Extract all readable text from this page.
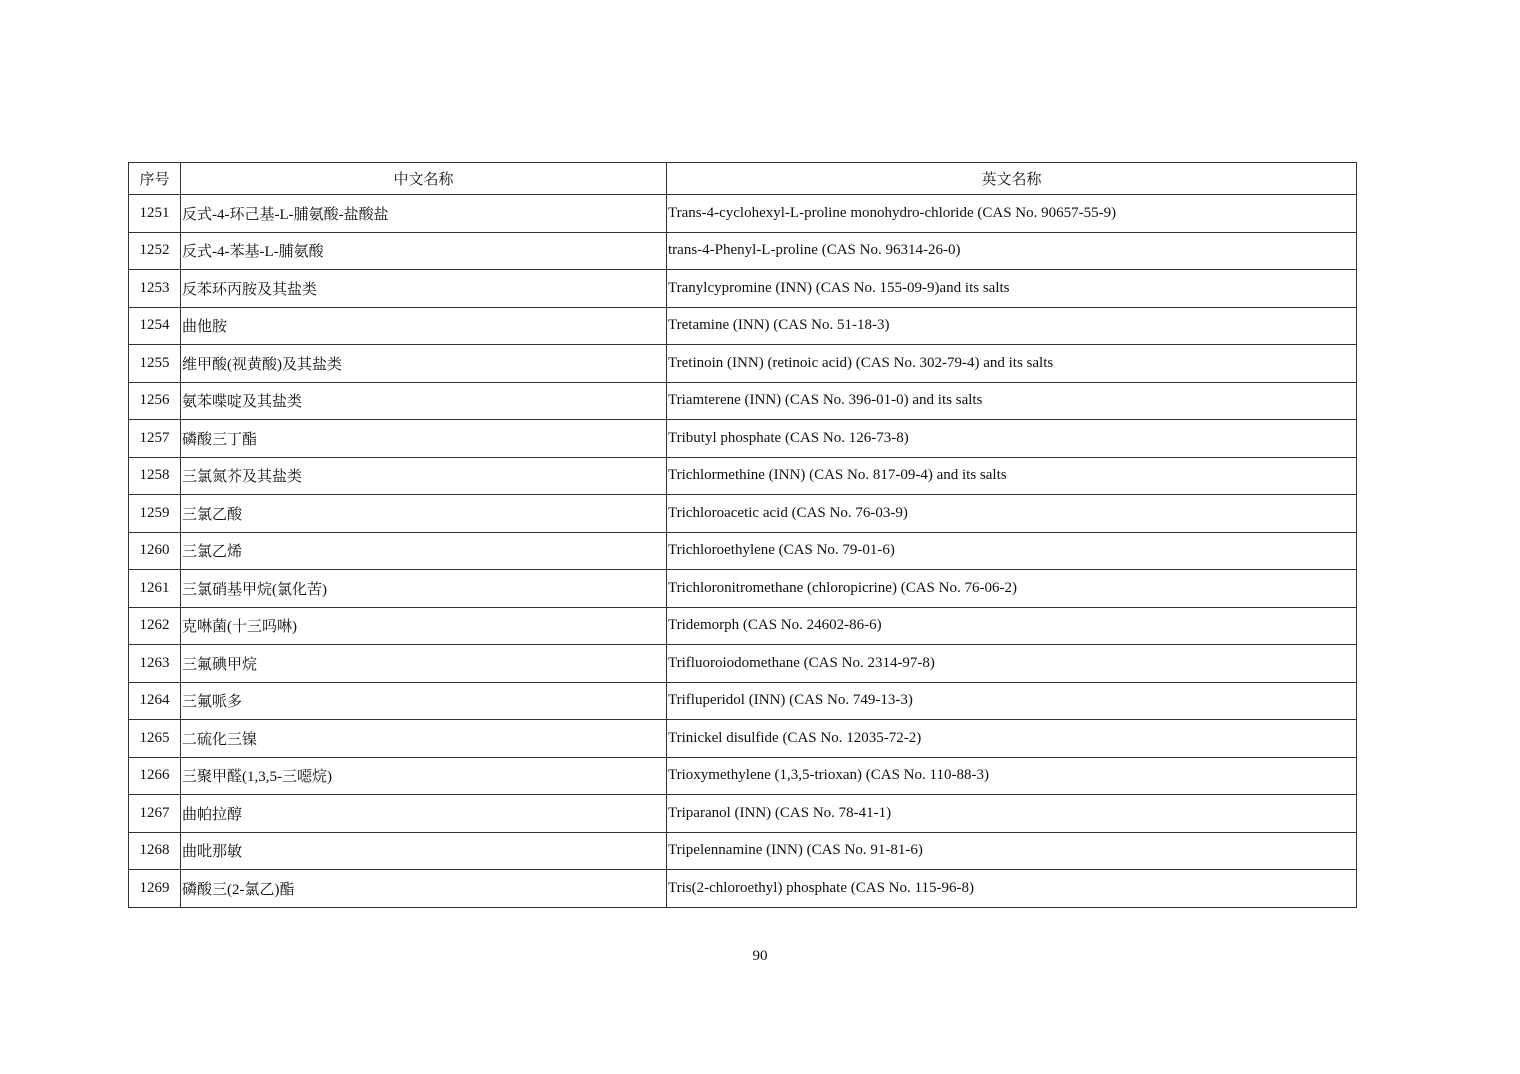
序号	中文名称	英文名称
1251	反式-4-环己基-L-脯氨酸-盐酸盐	Trans-4-cyclohexyl-L-proline monohydro-chloride (CAS No. 90657-55-9)
1252	反式-4-苯基-L-脯氨酸	trans-4-Phenyl-L-proline (CAS No. 96314-26-0)
1253	反苯环丙胺及其盐类	Tranylcypromine (INN) (CAS No. 155-09-9)and its salts
1254	曲他胺	Tretamine (INN) (CAS No. 51-18-3)
1255	维甲酸(视黄酸)及其盐类	Tretinoin (INN) (retinoic acid) (CAS No. 302-79-4) and its salts
1256	氨苯喋啶及其盐类	Triamterene (INN) (CAS No. 396-01-0) and its salts
1257	磷酸三丁酯	Tributyl phosphate (CAS No. 126-73-8)
1258	三氯氮芥及其盐类	Trichlormethine (INN) (CAS No. 817-09-4) and its salts
1259	三氯乙酸	Trichloroacetic acid (CAS No. 76-03-9)
1260	三氯乙烯	Trichloroethylene (CAS No. 79-01-6)
1261	三氯硝基甲烷(氯化苦)	Trichloronitromethane (chloropicrine) (CAS No. 76-06-2)
1262	克啉菌(十三吗啉)	Tridemorph (CAS No. 24602-86-6)
1263	三氟碘甲烷	Trifluoroiodomethane (CAS No. 2314-97-8)
1264	三氟哌多	Trifluperidol (INN) (CAS No. 749-13-3)
1265	二硫化三镍	Trinickel disulfide (CAS No. 12035-72-2)
1266	三聚甲醛(1,3,5-三噁烷)	Trioxymethylene (1,3,5-trioxan) (CAS No. 110-88-3)
1267	曲帕拉醇	Triparanol (INN) (CAS No. 78-41-1)
1268	曲吡那敏	Tripelennamine (INN) (CAS No. 91-81-6)
1269	磷酸三(2-氯乙)酯	Tris(2-chloroethyl) phosphate (CAS No. 115-96-8)
90
